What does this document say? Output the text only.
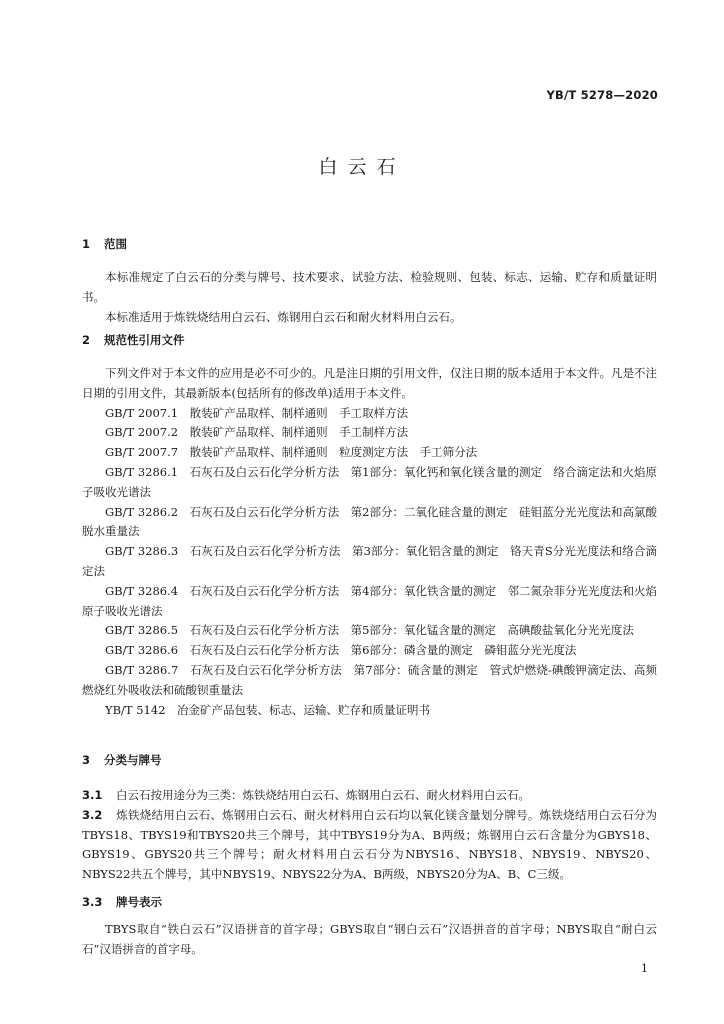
YB/T 5278—2020
白云石
1 范围

本标准规定了白云石的分类与牌号、技术要求、试验方法、检验规则、包装、标志、运输、贮存和质量证明书。

本标准适用于炼铁烧结用白云石、炼钢用白云石和耐火材料用白云石。

2 规范性引用文件

下列文件对于本文件的应用是必不可少的。凡是注日期的引用文件，仅注日期的版本适用于本文件。凡是不注日期的引用文件，其最新版本(包括所有的修改单)适用于本文件。

GB/T 2007.1　散装矿产品取样、制样通则　手工取样方法

GB/T 2007.2　散装矿产品取样、制样通则　手工制样方法

GB/T 2007.7　散装矿产品取样、制样通则　粒度测定方法　手工筛分法

GB/T 3286.1　石灰石及白云石化学分析方法　第1部分：氧化钙和氧化镁含量的测定　络合滴定法和火焰原子吸收光谱法

GB/T 3286.2　石灰石及白云石化学分析方法　第2部分：二氧化硅含量的测定　硅钼蓝分光光度法和高氯酸脱水重量法

GB/T 3286.3　石灰石及白云石化学分析方法　第3部分：氧化铝含量的测定　铬天青S分光光度法和络合滴定法

GB/T 3286.4　石灰石及白云石化学分析方法　第4部分：氧化铁含量的测定　邻二氮杂菲分光光度法和火焰原子吸收光谱法

GB/T 3286.5　石灰石及白云石化学分析方法　第5部分：氧化锰含量的测定　高碘酸盐氧化分光光度法

GB/T 3286.6　石灰石及白云石化学分析方法　第6部分：磷含量的测定　磷钼蓝分光光度法

GB/T 3286.7　石灰石及白云石化学分析方法　第7部分：硫含量的测定　管式炉燃烧-碘酸钾滴定法、高频燃烧红外吸收法和硫酸钡重量法

YB/T 5142　冶金矿产品包装、标志、运输、贮存和质量证明书

3 分类与牌号

3.1 白云石按用途分为三类：炼铁烧结用白云石、炼钢用白云石、耐火材料用白云石。

3.2 炼铁烧结用白云石、炼钢用白云石、耐火材料用白云石均以氧化镁含量划分牌号。炼铁烧结用白云石分为TBYS18、TBYS19和TBYS20共三个牌号，其中TBYS19分为A、B两级；炼钢用白云石含量分为GBYS18、GBYS19、GBYS20共三个牌号；耐火材料用白云石分为NBYS16、NBYS18、NBYS19、NBYS20、NBYS22共五个牌号，其中NBYS19、NBYS22分为A、B两级，NBYS20分为A、B、C三级。

3.3 牌号表示

TBYS取自“铁白云石”汉语拼音的首字母；GBYS取自“钢白云石”汉语拼音的首字母；NBYS取自“耐白云石”汉语拼音的首字母。

1
